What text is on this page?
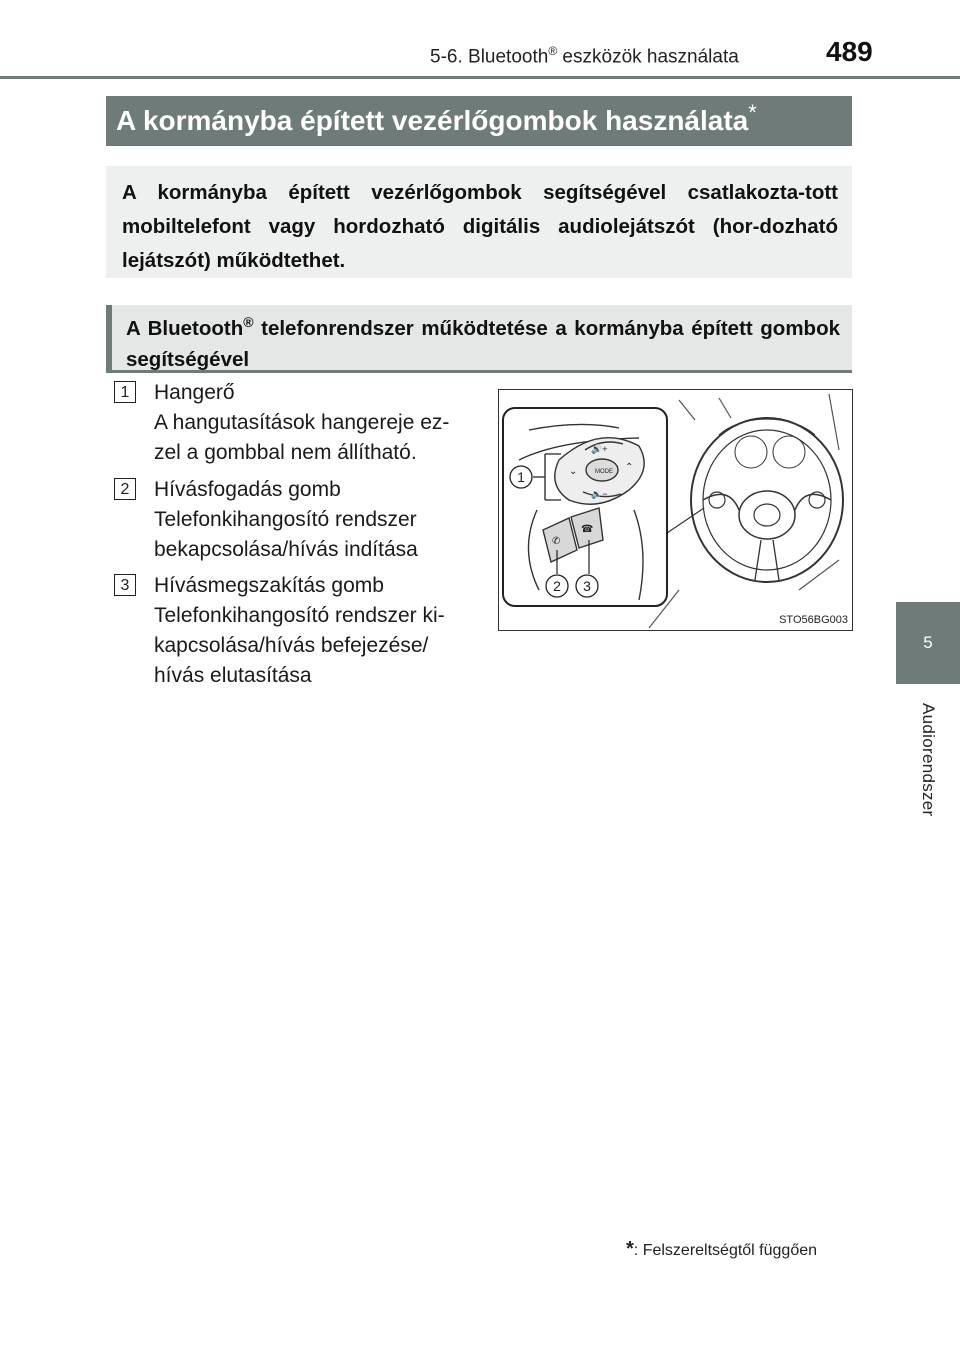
5-6. Bluetooth® eszközök használata	489
5
Audiorendszer
A kormányba épített vezérlőgombok használata *
A kormányba épített vezérlőgombok segítségével csatlakozta-tott mobiltelefont vagy hordozható digitális audiolejátszót (hor-dozható lejátszót) működtethet.
A Bluetooth® telefonrendszer működtetése a kormányba épített gombok segítségével
1	Hangerő
A hangutasítások hangereje ez-
zel a gombbal nem állítható.
2	Hívásfogadás gomb
Telefonkihangosító rendszer
bekapcsolása/hívás indítása
3	Hívásmegszakítás gomb
Telefonkihangosító rendszer ki-
kapcsolása/hívás befejezése/
hívás elutasítása
MODE
🔊+
🔉−
⌄	⌃
✆
☎
1
2 3
STO56BG003
*: Felszereltségtől függően
